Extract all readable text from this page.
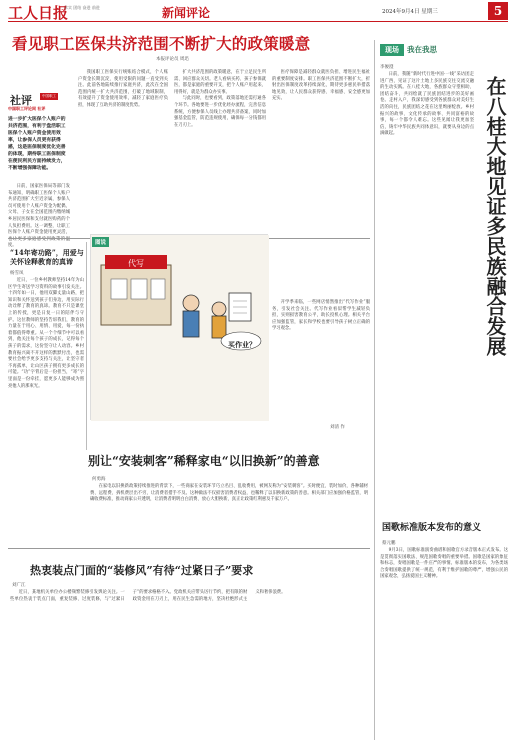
工人日报
求实 团结 奋进 前进	新闻评论	2024年9月4日 星期三	5
看见职工医保共济范围不断扩大的政策暖意
本报评论员 周迅
社评	中国职工
中国职工评论网 社评
进一步扩大医保个人账户的共济范围，有利于盘活职工医保个人账户资金使用效率，让参保人员更有获得感，这是医保制度优化完善的体现，期待职工医保制度在便民利民方面持续发力，不断增强保障功能。

日前，国家医保局等部门发布通知，明确职工医保个人账户共济范围扩大至近亲属，参保人员可使用个人账户资金为配偶、父母、子女在全国范围内缴纳城乡居民医保和支付就医购药的个人负担费用。这一调整，让职工医保个人账户资金使用更灵活，也让更多家庭感受到政策的温度。

我国职工医保实行统账结合模式，个人账户资金长期沉淀、使用受限的问题一直受到关注。此前各地陆续推行家庭共济，此次在全国范围内统一扩大共济范围，打破了地域限制，有效提升了资金使用效率，减轻了家庭医疗负担，体现了互助共济的制度优势。

扩大共济范围的政策暖意，在于立足民生所需、回应群众关切。老人看病买药、孩子参保就医，都是家庭的重要开支，把个人账户用起来、用得好，就是为群众办实事。

与此同时，也要看到，政策落地还需打通各个环节。各地要进一步优化经办流程，完善信息系统，方便参保人员线上办理共济备案，同时加强基金监管，防范违规使用，确保每一分钱都用在刀刃上。

医疗保障是减轻群众就医负担、增进民生福祉的重要制度安排。职工医保共济范围不断扩大，折射出医保制度改革持续深化，期待更多惠民举措落地见效，让人民群众获得感、幸福感、安全感更加充实。

“14年寄功路”，用爱与关怀诠释教育的真谛
杨雪凤

近日，一位乡村教师坚持14年为山区学生寄送学习资料的故事引发关注。十四年如一日，他用双脚丈量山路，把知识和关怀送到孩子们身边，用实际行动诠释了教育的真谛。教育不只是课堂上的传授，更是日复一日的陪伴与守护。这位教师的坚持告诉我们，教育的力量在于用心、用情、用爱，每一份执着都值得尊重。从一个个细节中可以看到，他关注每个孩子的成长，记得每个孩子的需求，这份坚守让人动容。乡村教育振兴离不开这样的默默付出，也需要社会给予更多支持与关注，让坚守者不再孤单，让山区孩子拥有更多成长的可能。“功”字背后是一份担当，“寄”字里面是一份牵挂，愿更多人能够成为照亮他人的那束光。

代写
图说
买作业？

开学季来临，一些网店悄然推出“代写作业”服务，引发社会关注。代写作业看似帮学生减轻负担，实则损害教育公平，助长投机心理。相关平台应加强监管，家长和学校也要引导孩子树立正确的学习观念。

刘清 作
别让“安装刺客”稀释家电“以旧换新”的善意
何勇海

在家电以旧换新政策持续推进的背景下，一些商家在安装环节巧立名目、乱收费用，被网友称为“安装刺客”。买时便宜、装时加价，各种辅材费、远程费、拆机费层出不穷，让消费者措手不及。这种做法不仅损害消费者权益，也稀释了以旧换新政策的善意。相关部门应加强价格监管，明确收费标准，推动商家公开透明，让消费者明明白白消费、放心大胆换新，真正让政策红利惠及千家万户。

热衷装点门面的“装修风”有待“过紧日子”要求
刘广江

近日，某地机关单位办公楼频繁装修引发舆论关注。一些单位热衷于装点门面，重复装修、过度装修，与“过紧日子”的要求格格不入。党政机关应带头厉行节约，把有限的财政资金用在刀刃上，用在民生急需的地方，坚决杜绝形式主义和奢侈浪费。

现场	我在我思
在八桂大地见证多民族融合发展
李俊澄

日前，我随“新时代行进中国·一线”采访团走进广西，见证了这片土地上多民族交往交流交融的生动实践。在八桂大地，各族群众守望相助、团结奋斗，共同绘就了民族团结进步的美好画卷。走村入户，我深切感受到各族群众对美好生活的向往，民族团结之花在这里绚丽绽放。乡村振兴的故事、文化传承的故事、共同富裕的故事，每一个都令人难忘。这些见闻让我更加坚信，铸牢中华民族共同体意识，就要从身边的点滴做起。

国歌标准版本发布的意义
蔡元鹏

9月3日，国歌标准演奏曲谱和国歌官方录音版本正式发布。这是贯彻落实国歌法、规范国歌奏唱的重要举措。国歌是国家的象征和标志，奏唱国歌是一件庄严的事情。标准版本的发布，为各类场合奏唱国歌提供了统一规范，有利于维护国歌的尊严，增强公民的国家观念，弘扬爱国主义精神。
